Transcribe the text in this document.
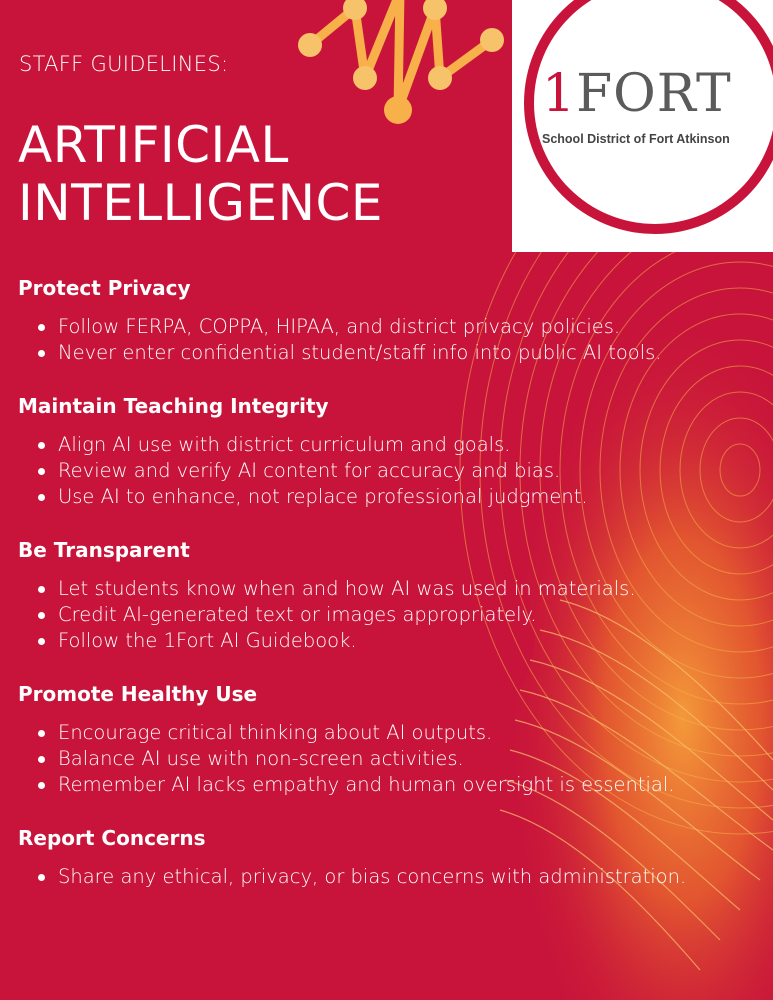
1FORT
School District of Fort Atkinson
STAFF GUIDELINES:
ARTIFICIAL
INTELLIGENCE
Protect Privacy
Follow FERPA, COPPA, HIPAA, and district privacy policies.
Never enter confidential student/staff info into public AI tools.
Maintain Teaching Integrity
Align AI use with district curriculum and goals.
Review and verify AI content for accuracy and bias.
Use AI to enhance, not replace professional judgment.
Be Transparent
Let students know when and how AI was used in materials.
Credit AI-generated text or images appropriately.
Follow the 1Fort AI Guidebook.
Promote Healthy Use
Encourage critical thinking about AI outputs.
Balance AI use with non-screen activities.
Remember AI lacks empathy and human oversight is essential.
Report Concerns
Share any ethical, privacy, or bias concerns with administration.
